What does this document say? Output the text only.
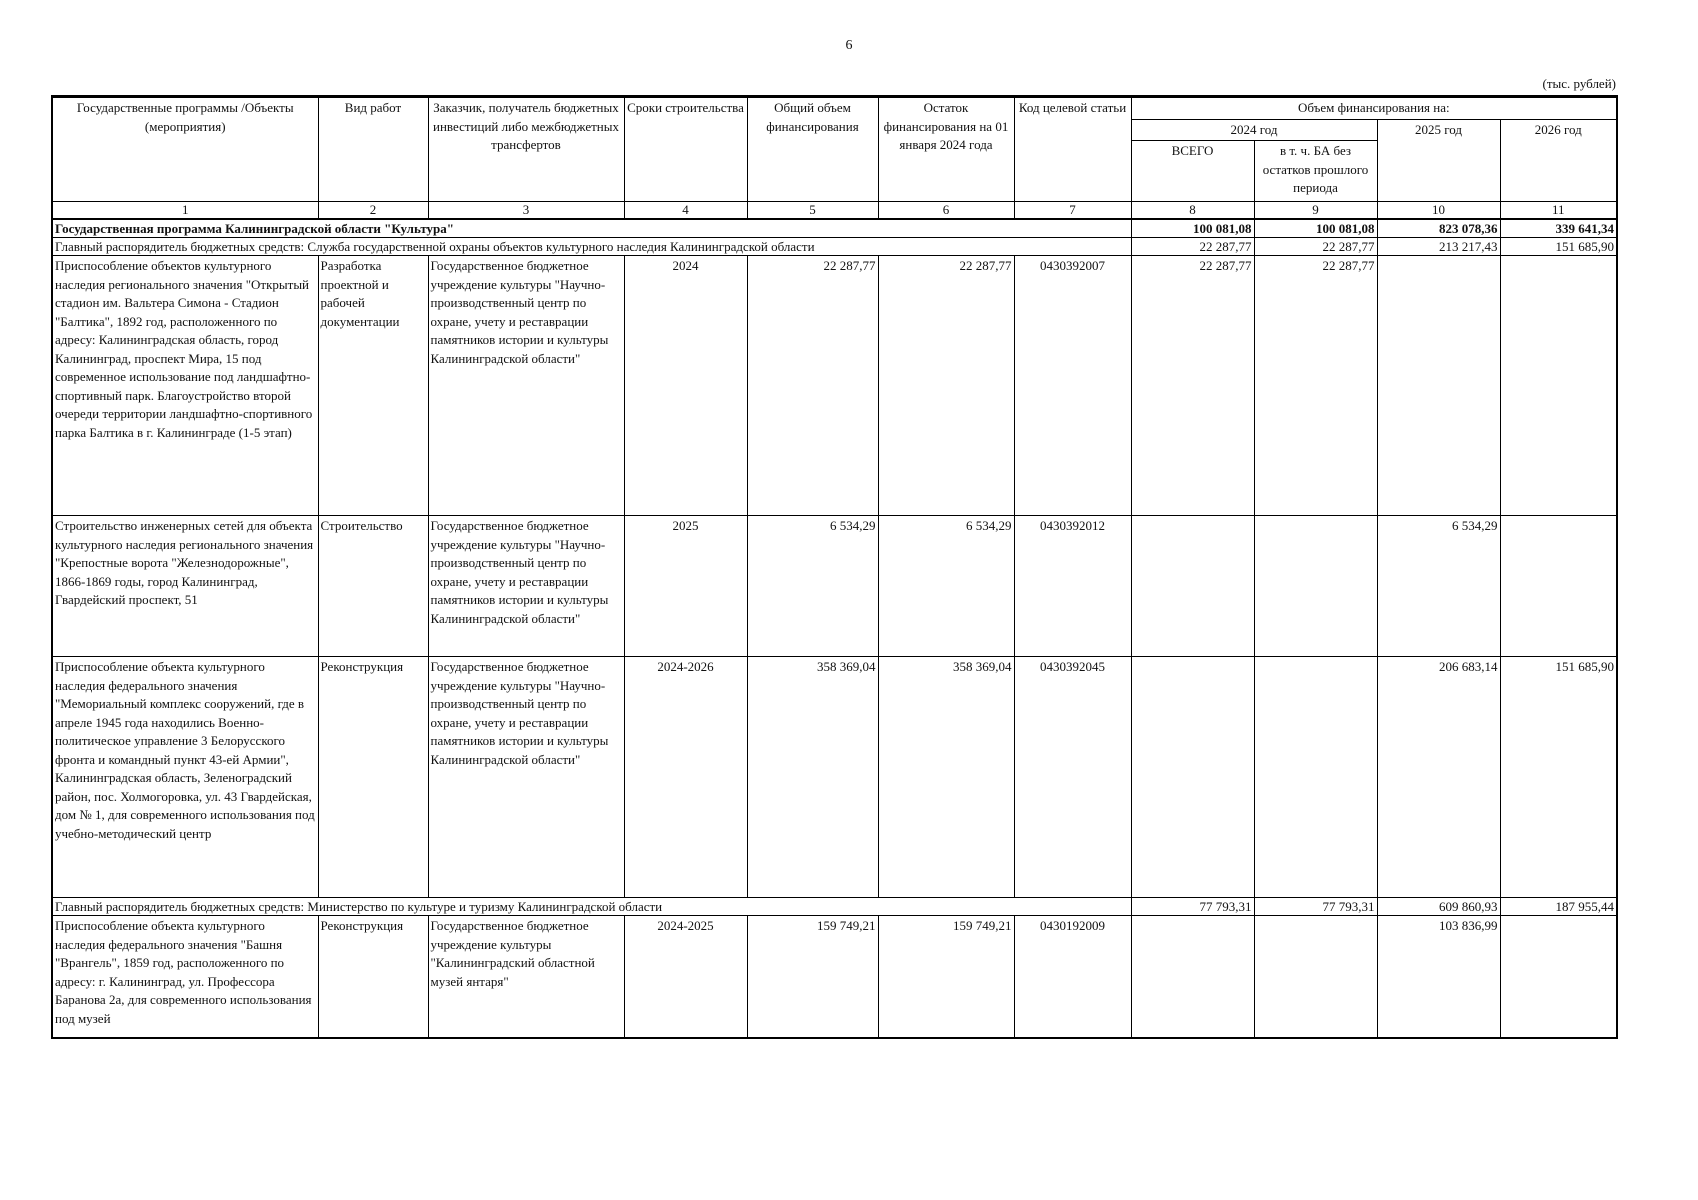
6
(тыс. рублей)
Государственные программы /Объекты (мероприятия)	Вид работ	Заказчик, получатель бюджетных инвестиций либо межбюджетных трансфертов	Сроки строительства	Общий объем финансирования	Остаток финансирования на 01 января 2024 года	Код целевой статьи	Объем финансирования на:			
							2024 год		2025 год	2026 год
							ВСЕГО	в т. ч. БА без остатков прошлого периода		
1	2	3	4	5	6	7	8	9	10	11
Государственная программа Калининградской области "Культура"							100 081,08	100 081,08	823 078,36	339 641,34
Главный распорядитель бюджетных средств: Служба государственной охраны объектов культурного наследия Калининградской области							22 287,77	22 287,77	213 217,43	151 685,90
Приспособление объектов культурного наследия регионального значения "Открытый стадион им. Вальтера Симона - Стадион "Балтика", 1892 год, расположенного по адресу: Калининградская область, город Калининград, проспект Мира, 15 под современное использование под ландшафтно-спортивный парк. Благоустройство второй очереди территории ландшафтно-спортивного парка Балтика в г. Калининграде (1-5 этап)	Разработка проектной и рабочей документации	Государственное бюджетное учреждение культуры "Научно-производственный центр по охране, учету и реставрации памятников истории и культуры Калининградской области"	2024	22 287,77	22 287,77	0430392007	22 287,77	22 287,77		
Строительство инженерных сетей для объекта культурного наследия регионального значения "Крепостные ворота "Железнодорожные", 1866-1869 годы, город Калининград, Гвардейский проспект, 51	Строительство	Государственное бюджетное учреждение культуры "Научно-производственный центр по охране, учету и реставрации памятников истории и культуры Калининградской области"	2025	6 534,29	6 534,29	0430392012			6 534,29	
Приспособление объекта культурного наследия федерального значения "Мемориальный комплекс сооружений, где в апреле 1945 года находились Военно-политическое управление 3 Белорусского фронта и командный пункт 43-ей Армии", Калининградская область, Зеленоградский район, пос. Холмогоровка, ул. 43 Гвардейская, дом № 1, для современного использования под учебно-методический центр	Реконструкция	Государственное бюджетное учреждение культуры "Научно-производственный центр по охране, учету и реставрации памятников истории и культуры Калининградской области"	2024-2026	358 369,04	358 369,04	0430392045			206 683,14	151 685,90
Главный распорядитель бюджетных средств: Министерство по культуре и туризму Калининградской области							77 793,31	77 793,31	609 860,93	187 955,44
Приспособление объекта культурного наследия федерального значения "Башня "Врангель", 1859 год, расположенного по адресу: г. Калининград, ул. Профессора Баранова 2а, для современного использования под музей	Реконструкция	Государственное бюджетное учреждение культуры "Калининградский областной музей янтаря"	2024-2025	159 749,21	159 749,21	0430192009			103 836,99	
